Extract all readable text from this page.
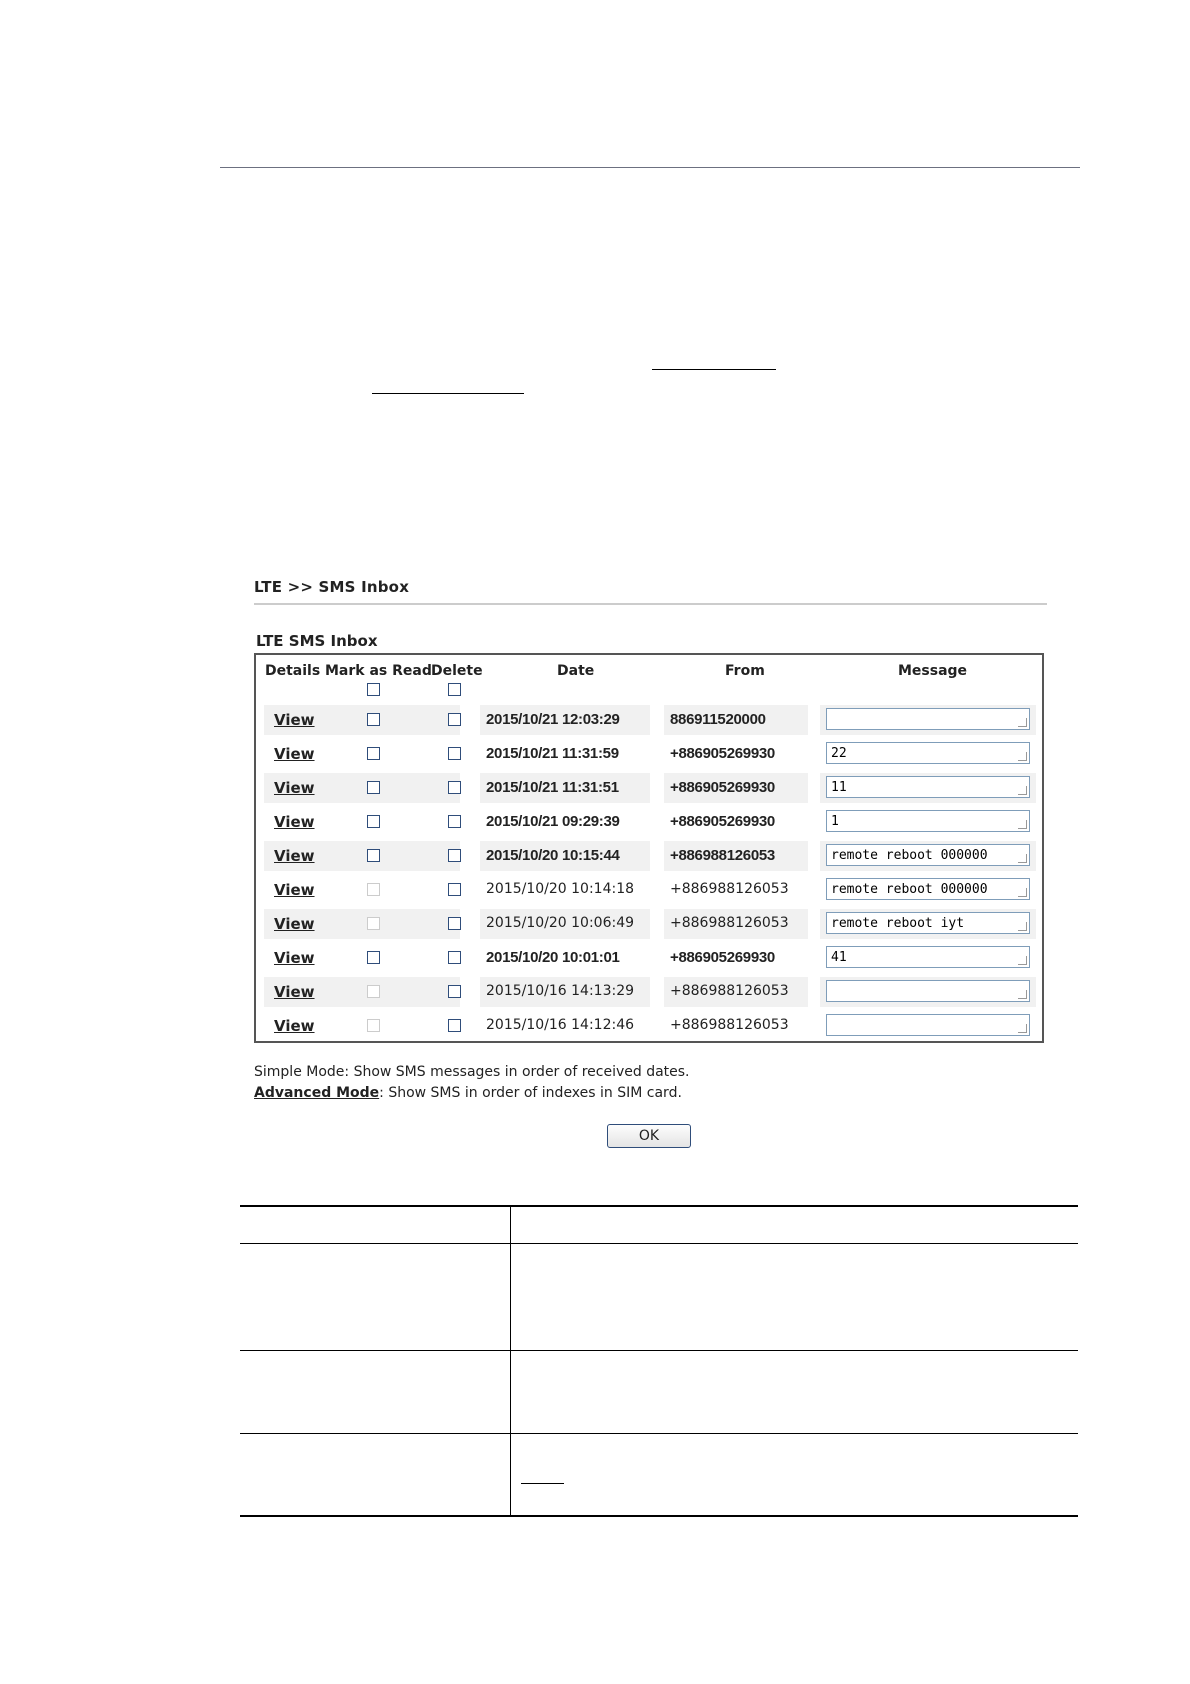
LTE >> SMS Inbox
LTE SMS Inbox
Details Mark as Read Delete	Date	From	Message
View	2015/10/21 12:03:29	886911520000
View	2015/10/21 11:31:59	+886905269930	22
View	2015/10/21 11:31:51	+886905269930	11
View	2015/10/21 09:29:39	+886905269930	1
View	2015/10/20 10:15:44	+886988126053	remote reboot 000000
View	2015/10/20 10:14:18	+886988126053	remote reboot 000000
View	2015/10/20 10:06:49	+886988126053	remote reboot iyt
View	2015/10/20 10:01:01	+886905269930	41
View	2015/10/16 14:13:29	+886988126053
View	2015/10/16 14:12:46	+886988126053
Simple Mode: Show SMS messages in order of received dates.
Advanced Mode: Show SMS in order of indexes in SIM card.
OK
